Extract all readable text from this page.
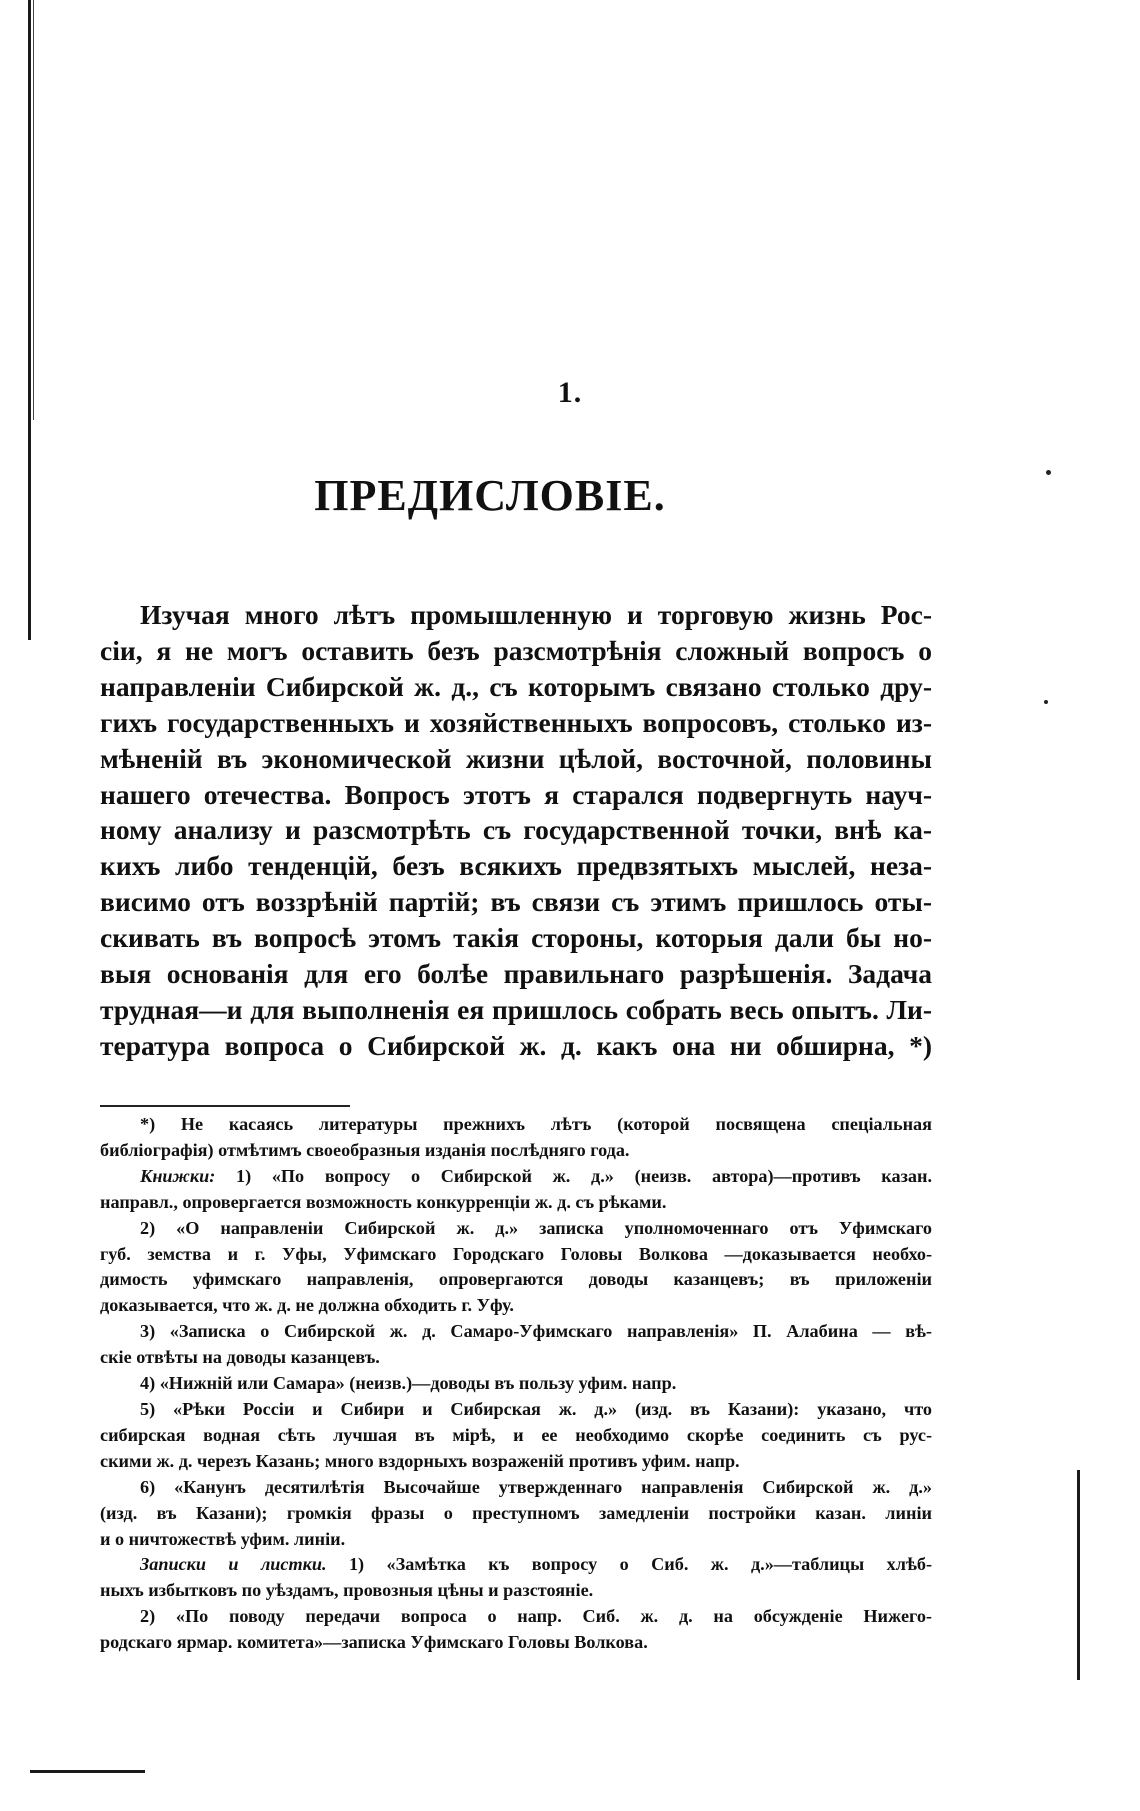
1.
ПРЕДИСЛОВІЕ.
Изучая много лѣтъ промышленную и торговую жизнь Рос-
сіи, я не могъ оставить безъ разсмотрѣнія сложный вопросъ о
направленіи Сибирской ж. д., съ которымъ связано столько дру-
гихъ государственныхъ и хозяйственныхъ вопросовъ, столько из-
мѣненій въ экономической жизни цѣлой, восточной, половины
нашего отечества. Вопросъ этотъ я старался подвергнуть науч-
ному анализу и разсмотрѣть съ государственной точки, внѣ ка-
кихъ либо тенденцій, безъ всякихъ предвзятыхъ мыслей, неза-
висимо отъ воззрѣній партій; въ связи съ этимъ пришлось оты-
скивать въ вопросѣ этомъ такія стороны, которыя дали бы но-
выя основанія для его болѣе правильнаго разрѣшенія. Задача
трудная—и для выполненія ея пришлось собрать весь опытъ. Ли-
тература вопроса о Сибирской ж. д. какъ она ни обширна, *)
*) Не касаясь литературы прежнихъ лѣтъ (которой посвящена спеціальная
библіографія) отмѣтимъ своеобразныя изданія послѣдняго года.
Книжки: 1) «По вопросу о Сибирской ж. д.» (неизв. автора)—противъ казан.
направл., опровергается возможность конкурренціи ж. д. съ рѣками.
2) «О направленіи Сибирской ж. д.» записка уполномоченнаго отъ Уфимскаго
губ. земства и г. Уфы, Уфимскаго Городскаго Головы Волкова —доказывается необхо-
димость уфимскаго направленія, опровергаются доводы казанцевъ; въ приложеніи
доказывается, что ж. д. не должна обходить г. Уфу.
3) «Записка о Сибирской ж. д. Самаро-Уфимскаго направленія» П. Алабина — вѣ-
скіе отвѣты на доводы казанцевъ.
4) «Нижній или Самара» (неизв.)—доводы въ пользу уфим. напр.
5) «Рѣки Россіи и Сибири и Сибирская ж. д.» (изд. въ Казани): указано, что
сибирская водная сѣть лучшая въ мірѣ, и ее необходимо скорѣе соединить съ рус-
скими ж. д. черезъ Казань; много вздорныхъ возраженій противъ уфим. напр.
6) «Канунъ десятилѣтія Высочайше утвержденнаго направленія Сибирской ж. д.»
(изд. въ Казани); громкія фразы о преступномъ замедленіи постройки казан. линіи
и о ничтожествѣ уфим. линіи.
Записки и листки. 1) «Замѣтка къ вопросу о Сиб. ж. д.»—таблицы хлѣб-
ныхъ избытковъ по уѣздамъ, провозныя цѣны и разстояніе.
2) «По поводу передачи вопроса о напр. Сиб. ж. д. на обсужденіе Нижего-
родскаго ярмар. комитета»—записка Уфимскаго Головы Волкова.
